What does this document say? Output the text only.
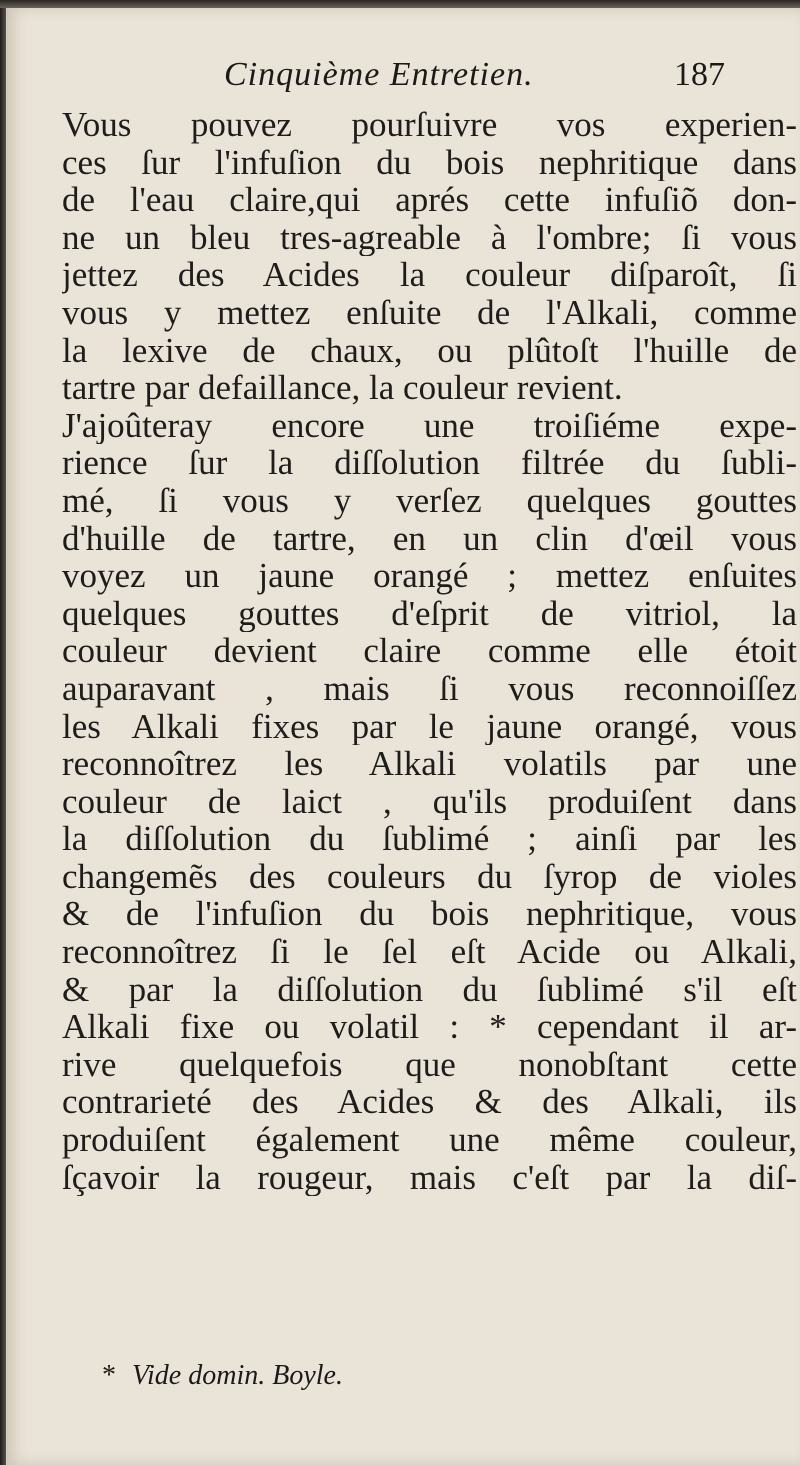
Cinquième Entretien.	187
Vous pouvez pourſuivre vos experien-
ces ſur l'infuſion du bois nephritique dans
de l'eau claire,qui aprés cette infuſiõ don-
ne un bleu tres-agreable à l'ombre; ſi vous
jettez des Acides la couleur diſparoît, ſi
vous y mettez enſuite de l'Alkali, comme
la lexive de chaux, ou plûtoſt l'huille de
tartre par defaillance, la couleur revient.
J'ajoûteray encore une troiſiéme expe-
rience ſur la diſſolution filtrée du ſubli-
mé, ſi vous y verſez quelques gouttes
d'huille de tartre, en un clin d'œil vous
voyez un jaune orangé ; mettez enſuites
quelques gouttes d'eſprit de vitriol, la
couleur devient claire comme elle étoit
auparavant , mais ſi vous reconnoiſſez
les Alkali fixes par le jaune orangé, vous
reconnoîtrez les Alkali volatils par une
couleur de laict , qu'ils produiſent dans
la diſſolution du ſublimé ; ainſi par les
changemẽs des couleurs du ſyrop de violes
& de l'infuſion du bois nephritique, vous
reconnoîtrez ſi le ſel eſt Acide ou Alkali,
& par la diſſolution du ſublimé s'il eſt
Alkali fixe ou volatil : * cependant il ar-
rive quelquefois que nonobſtant cette
contrarieté des Acides & des Alkali, ils
produiſent également une même couleur,
ſçavoir la rougeur, mais c'eſt par la diſ-
* Vide domin. Boyle.
